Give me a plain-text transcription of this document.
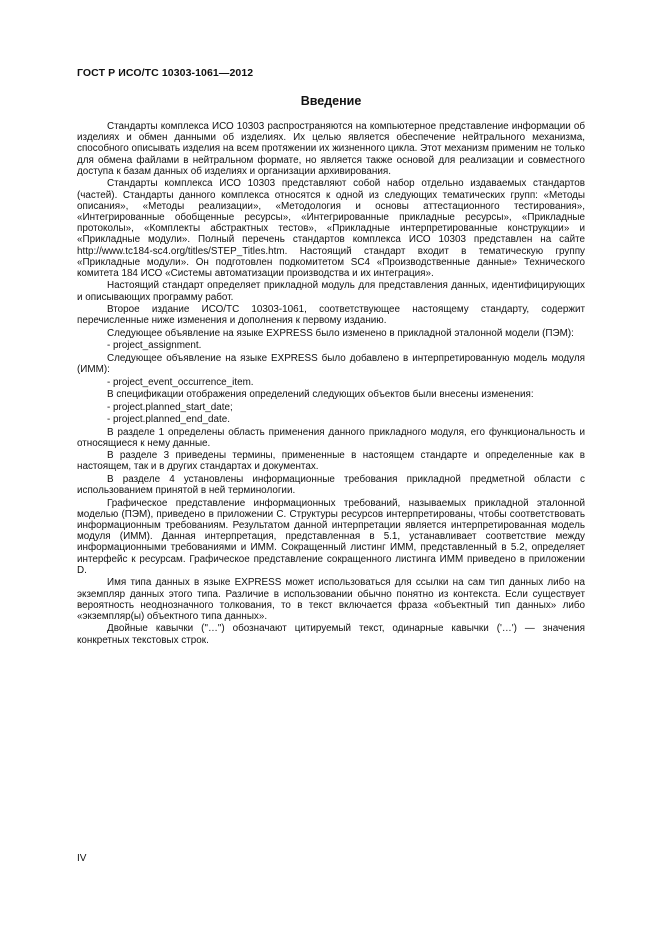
ГОСТ Р ИСО/ТС 10303-1061—2012
Введение

Стандарты комплекса ИСО 10303 распространяются на компьютерное представление информации об изделиях и обмен данными об изделиях. Их целью является обеспечение нейтрального механизма, способного описывать изделия на всем протяжении их жизненного цикла. Этот механизм применим не только для обмена файлами в нейтральном формате, но является также основой для реализации и совместного доступа к базам данных об изделиях и организации архивирования.

Стандарты комплекса ИСО 10303 представляют собой набор отдельно издаваемых стандартов (частей). Стандарты данного комплекса относятся к одной из следующих тематических групп: «Методы описания», «Методы реализации», «Методология и основы аттестационного тестирования», «Интегрированные обобщенные ресурсы», «Интегрированные прикладные ресурсы», «Прикладные протоколы», «Комплекты абстрактных тестов», «Прикладные интерпретированные конструкции» и «Прикладные модули». Полный перечень стандартов комплекса ИСО 10303 представлен на сайте http://www.tc184-sc4.org/titles/STEP_Titles.htm. Настоящий стандарт входит в тематическую группу «Прикладные модули». Он подготовлен подкомитетом SC4 «Производственные данные» Технического комитета 184 ИСО «Системы автоматизации производства и их интеграция».

Настоящий стандарт определяет прикладной модуль для представления данных, идентифицирующих и описывающих программу работ.

Второе издание ИСО/ТС 10303-1061, соответствующее настоящему стандарту, содержит перечисленные ниже изменения и дополнения к первому изданию.

Следующее объявление на языке EXPRESS было изменено в прикладной эталонной модели (ПЭМ):

- project_assignment.

Следующее объявление на языке EXPRESS было добавлено в интерпретированную модель модуля (ИММ):

- project_event_occurrence_item.

В спецификации отображения определений следующих объектов были внесены изменения:

- project.planned_start_date;

- project.planned_end_date.

В разделе 1 определены область применения данного прикладного модуля, его функциональность и относящиеся к нему данные.

В разделе 3 приведены термины, примененные в настоящем стандарте и определенные как в настоящем, так и в других стандартах и документах.

В разделе 4 установлены информационные требования прикладной предметной области с использованием принятой в ней терминологии.

Графическое представление информационных требований, называемых прикладной эталонной моделью (ПЭМ), приведено в приложении С. Структуры ресурсов интерпретированы, чтобы соответствовать информационным требованиям. Результатом данной интерпретации является интерпретированная модель модуля (ИММ). Данная интерпретация, представленная в 5.1, устанавливает соответствие между информационными требованиями и ИММ. Сокращенный листинг ИММ, представленный в 5.2, определяет интерфейс к ресурсам. Графическое представление сокращенного листинга ИММ приведено в приложении D.

Имя типа данных в языке EXPRESS может использоваться для ссылки на сам тип данных либо на экземпляр данных этого типа. Различие в использовании обычно понятно из контекста. Если существует вероятность неоднозначного толкования, то в текст включается фраза «объектный тип данных» либо «экземпляр(ы) объектного типа данных».

Двойные кавычки ("…") обозначают цитируемый текст, одинарные кавычки ('…') — значения конкретных текстовых строк.

IV
